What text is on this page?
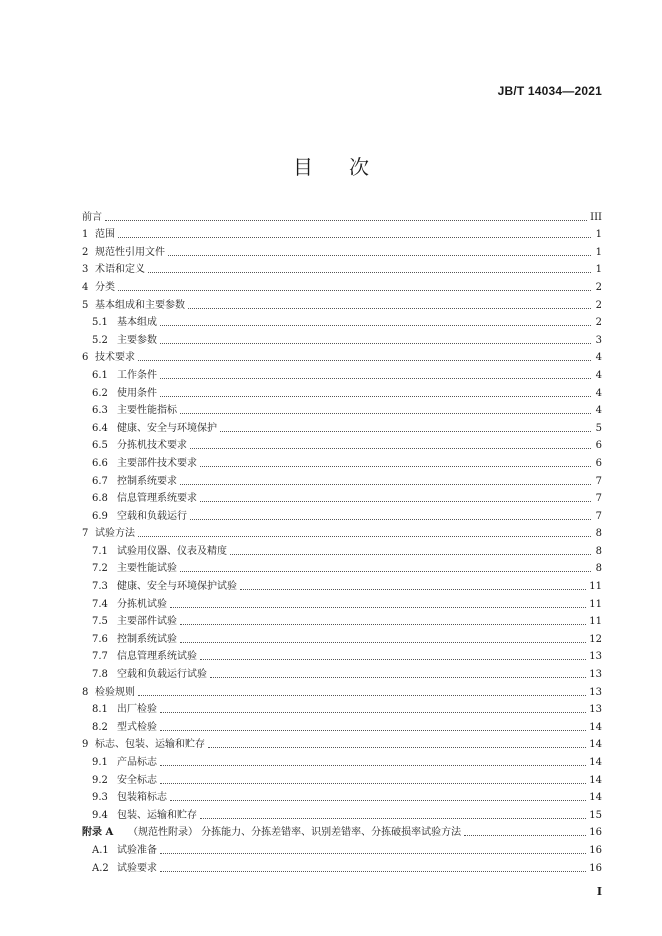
JB/T 14034—2021
目次
前言	III
1 范围	1
2 规范性引用文件	1
3 术语和定义	1
4 分类	2
5 基本组成和主要参数	2
5.1 基本组成	2
5.2 主要参数	3
6 技术要求	4
6.1 工作条件	4
6.2 使用条件	4
6.3 主要性能指标	4
6.4 健康、安全与环境保护	5
6.5 分拣机技术要求	6
6.6 主要部件技术要求	6
6.7 控制系统要求	7
6.8 信息管理系统要求	7
6.9 空载和负载运行	7
7 试验方法	8
7.1 试验用仪器、仪表及精度	8
7.2 主要性能试验	8
7.3 健康、安全与环境保护试验	11
7.4 分拣机试验	11
7.5 主要部件试验	11
7.6 控制系统试验	12
7.7 信息管理系统试验	13
7.8 空载和负载运行试验	13
8 检验规则	13
8.1 出厂检验	13
8.2 型式检验	14
9 标志、包装、运输和贮存	14
9.1 产品标志	14
9.2 安全标志	14
9.3 包装箱标志	14
9.4 包装、运输和贮存	15
附录 A （规范性附录） 分拣能力、分拣差错率、识别差错率、分拣破损率试验方法	16
A.1 试验准备	16
A.2 试验要求	16
I
